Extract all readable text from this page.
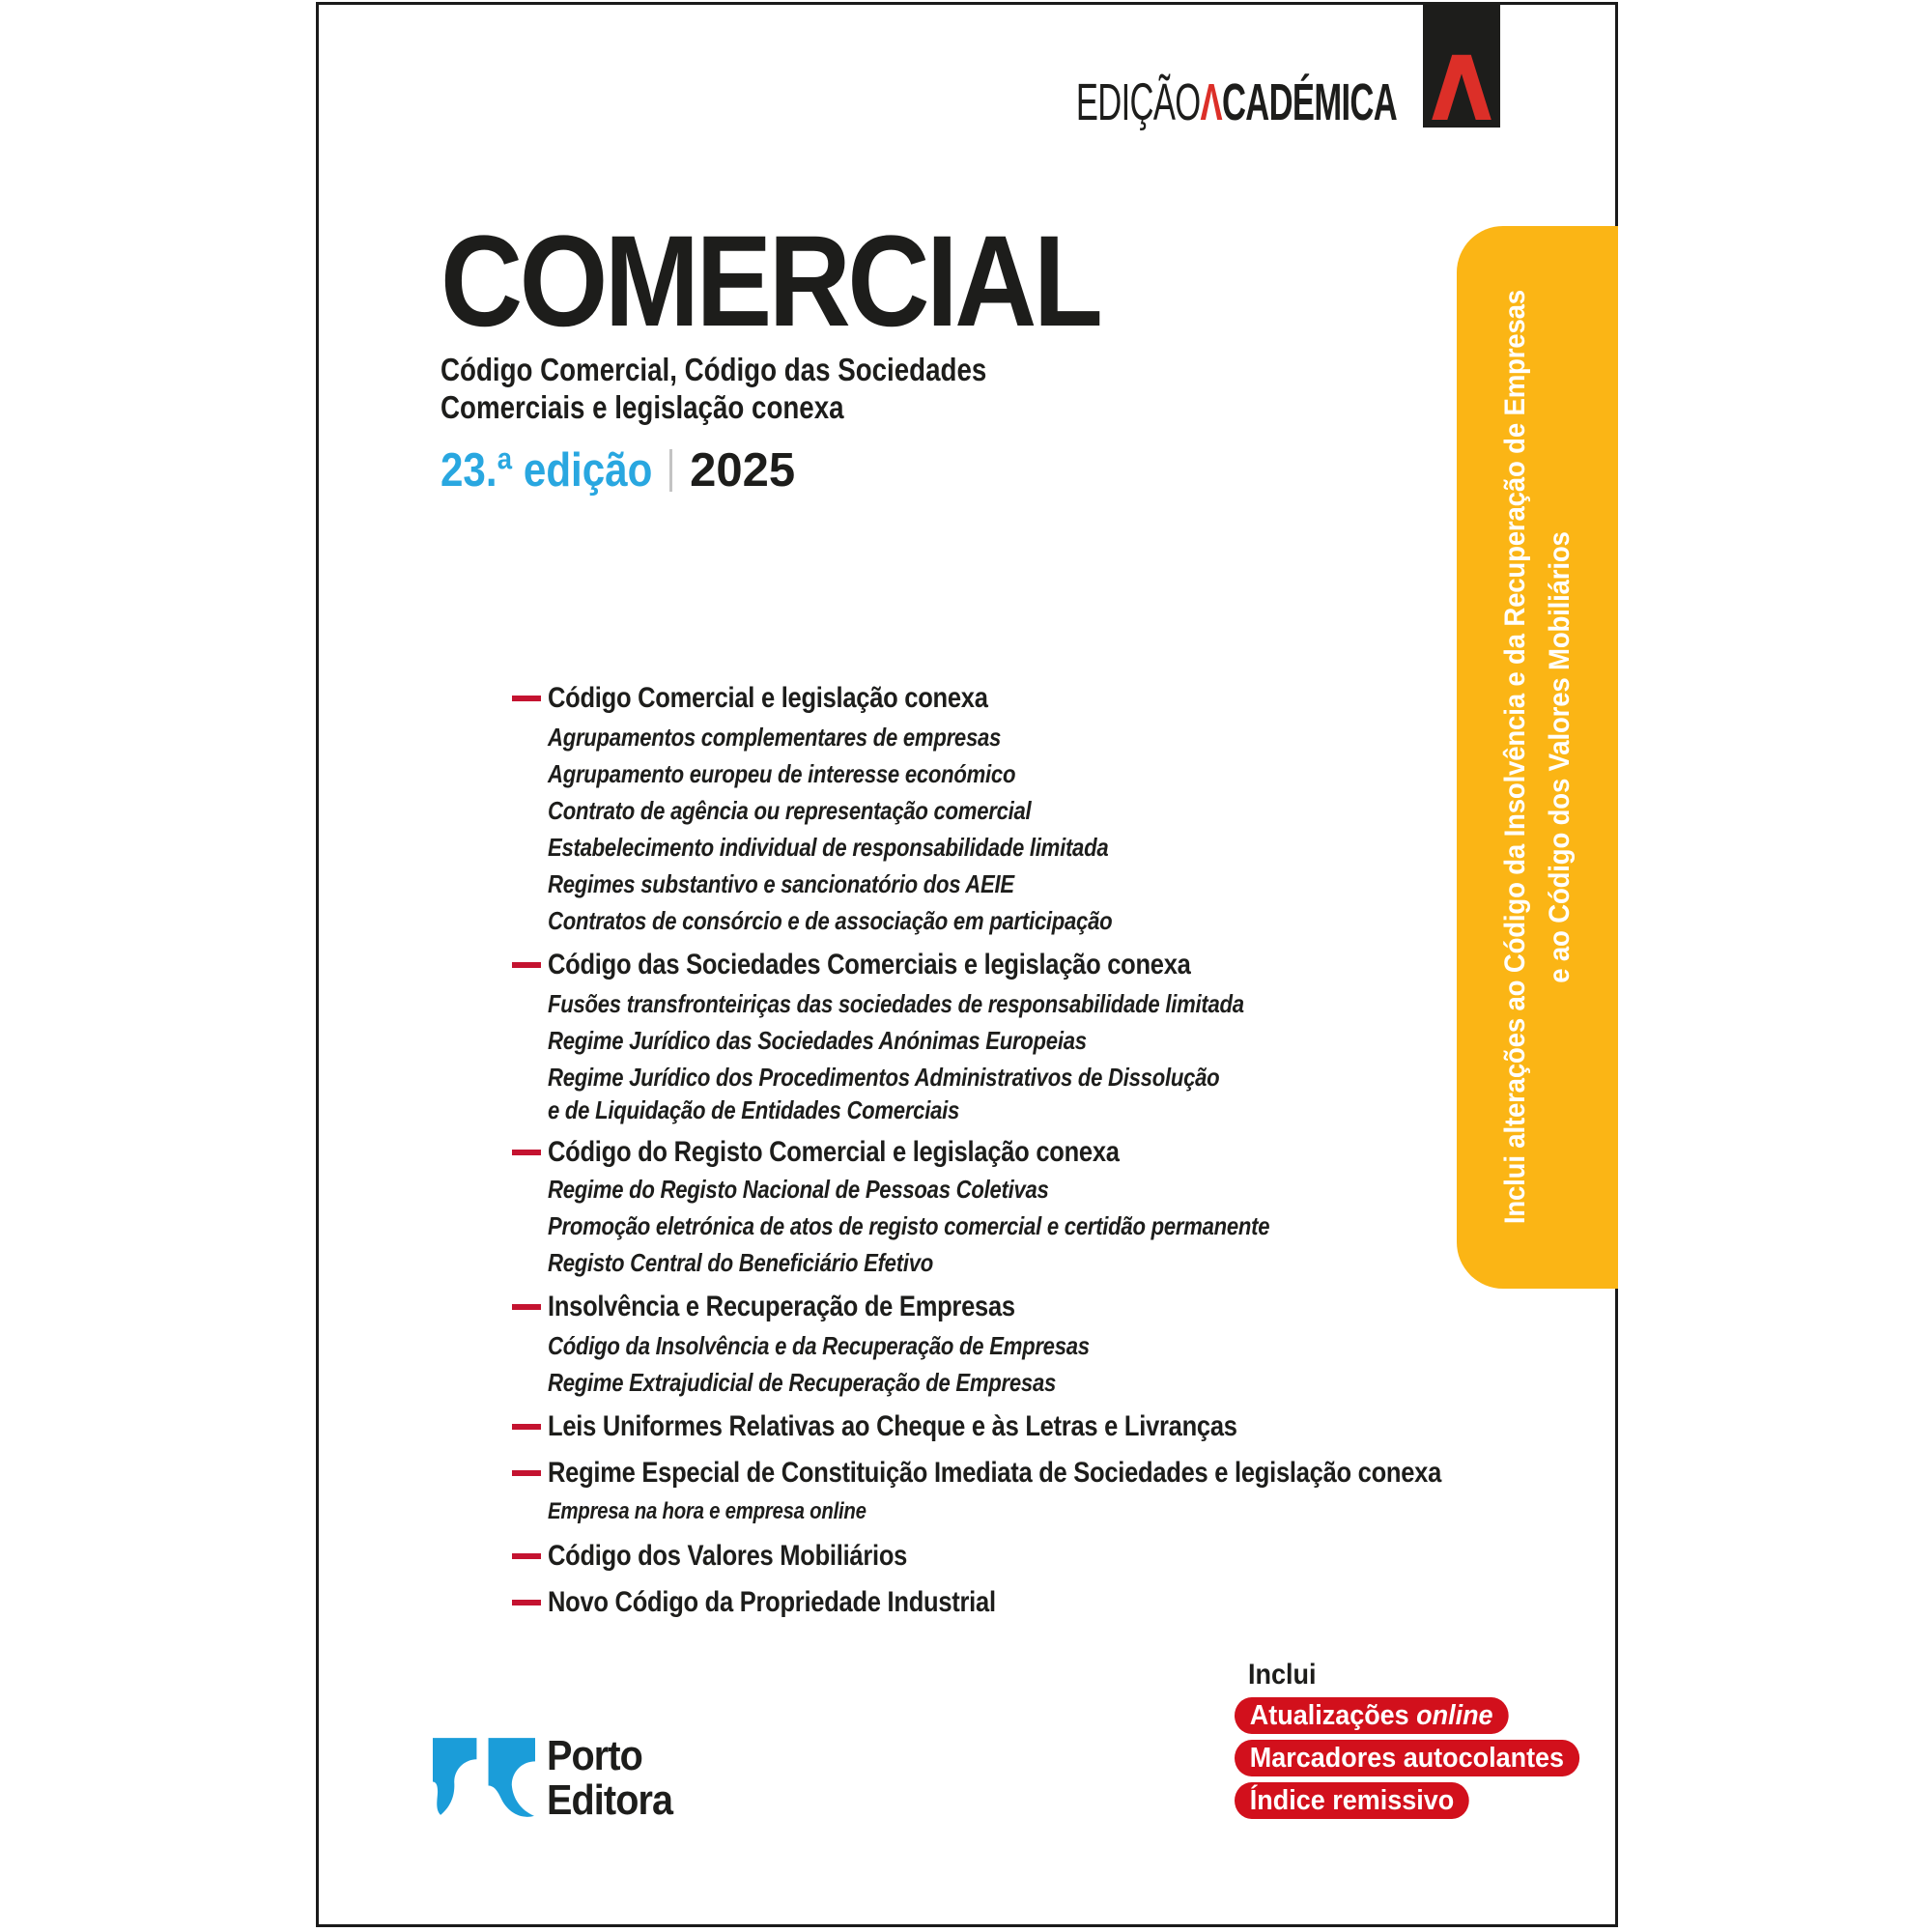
EDIÇÃOΛCADÉMICA
COMERCIAL
Código Comercial, Código das Sociedades
Comerciais e legislação conexa
23.ª edição 2025
Código Comercial e legislação conexa
Agrupamentos complementares de empresas
Agrupamento europeu de interesse económico
Contrato de agência ou representação comercial
Estabelecimento individual de responsabilidade limitada
Regimes substantivo e sancionatório dos AEIE
Contratos de consórcio e de associação em participação
Código das Sociedades Comerciais e legislação conexa
Fusões transfronteiriças das sociedades de responsabilidade limitada
Regime Jurídico das Sociedades Anónimas Europeias
Regime Jurídico dos Procedimentos Administrativos de Dissolução
e de Liquidação de Entidades Comerciais
Código do Registo Comercial e legislação conexa
Regime do Registo Nacional de Pessoas Coletivas
Promoção eletrónica de atos de registo comercial e certidão permanente
Registo Central do Beneficiário Efetivo
Insolvência e Recuperação de Empresas
Código da Insolvência e da Recuperação de Empresas
Regime Extrajudicial de Recuperação de Empresas
Leis Uniformes Relativas ao Cheque e às Letras e Livranças
Regime Especial de Constituição Imediata de Sociedades e legislação conexa
Empresa na hora e empresa online
Código dos Valores Mobiliários
Novo Código da Propriedade Industrial
Inclui alterações ao Código da Insolvência e da Recuperação de Empresas e ao Código dos Valores Mobiliários
Porto
Editora
Inclui
Atualizações online
Marcadores autocolantes
Índice remissivo
